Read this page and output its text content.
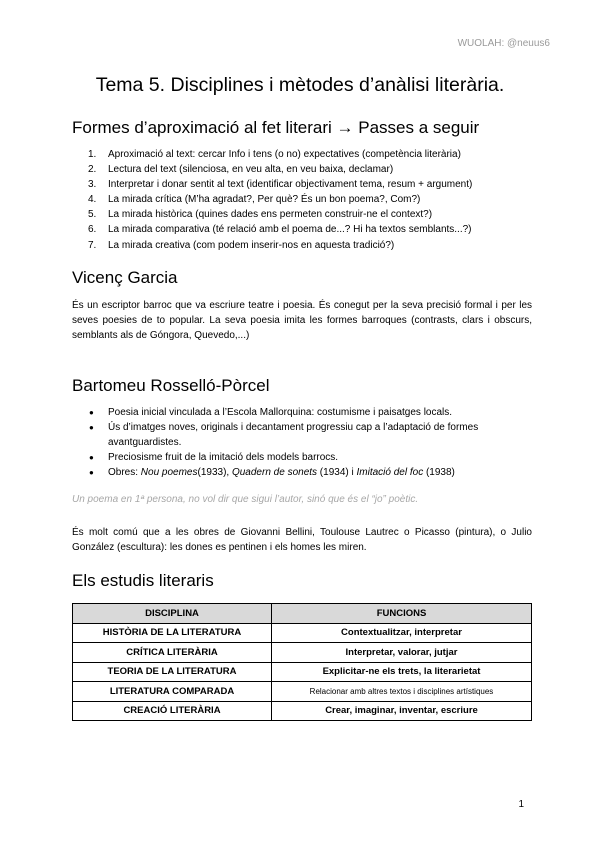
WUOLAH: @neuus6
Tema 5. Disciplines i mètodes d’anàlisi literària.
Formes d’aproximació al fet literari → Passes a seguir
1. Aproximació al text: cercar Info i tens (o no) expectatives (competència literària)
2. Lectura del text (silenciosa, en veu alta, en veu baixa, declamar)
3. Interpretar i donar sentit al text (identificar objectivament tema, resum + argument)
4. La mirada crítica (M’ha agradat?, Per què? És un bon poema?, Com?)
5. La mirada històrica (quines dades ens permeten construir-ne el context?)
6. La mirada comparativa (té relació amb el poema de...? Hi ha textos semblants...?)
7. La mirada creativa (com podem inserir-nos en aquesta tradició?)
Vicenç Garcia

És un escriptor barroc que va escriure teatre i poesia. És conegut per la seva precisió formal i per les seves poesies de to popular. La seva poesia imita les formes barroques (contrasts, clars i obscurs, semblants als de Góngora, Quevedo,...)

Bartomeu Rosselló-Pòrcel
● Poesia inicial vinculada a l’Escola Mallorquina: costumisme i paisatges locals.
● Ús d’imatges noves, originals i decantament progressiu cap a l’adaptació de formes
avantguardistes.
● Preciosisme fruit de la imitació dels models barrocs.
● Obres: Nou poemes(1933), Quadern de sonets (1934) i Imitació del foc (1938)

Un poema en 1ª persona, no vol dir que sigui l’autor, sinó que és el “jo” poètic.

És molt comú que a les obres de Giovanni Bellini, Toulouse Lautrec o Picasso (pintura), o Julio González (escultura): les dones es pentinen i els homes les miren.

Els estudis literaris
DISCIPLINA	FUNCIONS
HISTÒRIA DE LA LITERATURA	Contextualitzar, interpretar
CRÍTICA LITERÀRIA	Interpretar, valorar, jutjar
TEORIA DE LA LITERATURA	Explicitar-ne els trets, la literarietat
LITERATURA COMPARADA	Relacionar amb altres textos i disciplines artístiques
CREACIÓ LITERÀRIA	Crear, imaginar, inventar, escriure
1
